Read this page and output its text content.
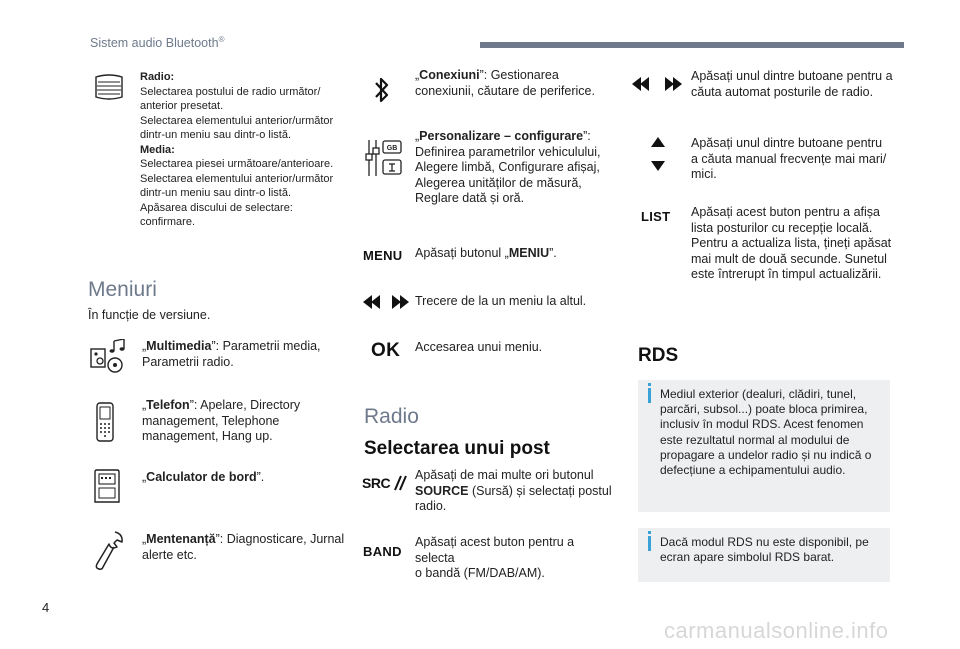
Sistem audio Bluetooth®
Radio:
Selectarea postului de radio următor/
anterior presetat.
Selectarea elementului anterior/următor
dintr-un meniu sau dintr-o listă.
Media:
Selectarea piesei următoare/anterioare.
Selectarea elementului anterior/următor
dintr-un meniu sau dintr-o listă.
Apăsarea discului de selectare:
confirmare.
Meniuri
În funcție de versiune.
„Multimedia”: Parametrii media,
Parametrii radio.
„Telefon”: Apelare, Directory
management, Telephone
management, Hang up.
„Calculator de bord”.
„Mentenanță”: Diagnosticare, Jurnal
alerte etc.
„Conexiuni”: Gestionarea
conexiunii, căutare de periferice.
GB
„Personalizare – configurare”:
Definirea parametrilor vehiculului,
Alegere limbă, Configurare afișaj,
Alegerea unităților de măsură,
Reglare dată și oră.
MENU Apăsați butonul „MENIU”.
Trecere de la un meniu la altul.
OK Accesarea unui meniu.
Radio
Selectarea unui post
SRC Apăsați de mai multe ori butonul
SOURCE (Sursă) și selectați postul
radio.
BAND
Apăsați acest buton pentru a selecta
o bandă (FM/DAB/AM).
Apăsați unul dintre butoane pentru a
căuta automat posturile de radio.
Apăsați unul dintre butoane pentru
a căuta manual frecvențe mai mari/
mici.
LIST Apăsați acest buton pentru a afișa
lista posturilor cu recepție locală.
Pentru a actualiza lista, țineți apăsat
mai mult de două secunde. Sunetul
este întrerupt în timpul actualizării.
RDS
Mediul exterior (dealuri, clădiri, tunel,
parcări, subsol...) poate bloca primirea,
inclusiv în modul RDS. Acest fenomen
este rezultatul normal al modului de
propagare a undelor radio și nu indică o
defecțiune a echipamentului audio.
Dacă modul RDS nu este disponibil, pe
ecran apare simbolul RDS barat.
4
carmanualsonline.info
